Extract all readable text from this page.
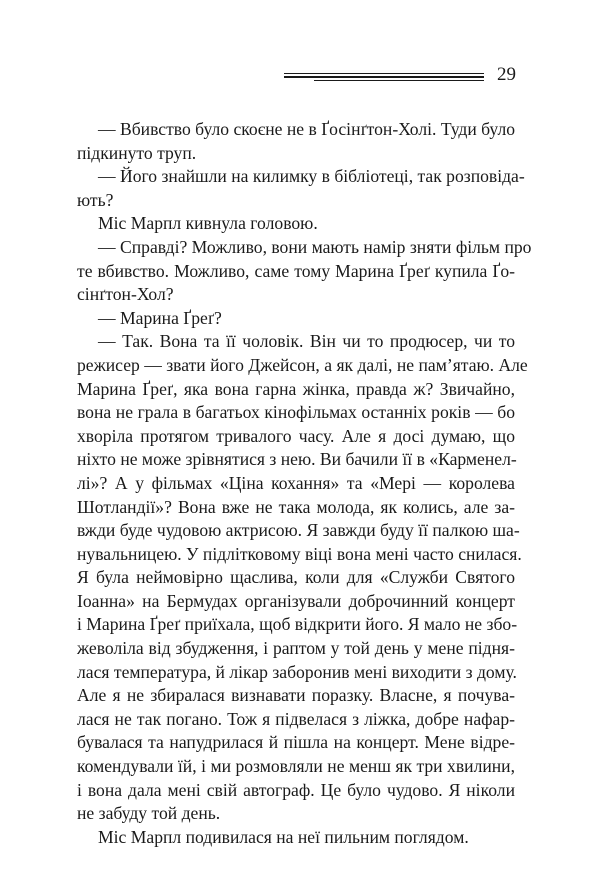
29
— Вбивство було скоєне не в Ґосінґтон-Холі. Туди було
підкинуто труп.
— Його знайшли на килимку в бібліотеці, так розповіда-
ють?
Міс Марпл кивнула головою.
— Справді? Можливо, вони мають намір зняти фільм про
те вбивство. Можливо, саме тому Марина Ґреґ купила Ґо-
сінґтон-Хол?
— Марина Ґреґ?
— Так. Вона та її чоловік. Він чи то продюсер, чи то
режисер — звати його Джейсон, а як далі, не пам’ятаю. Але
Марина Ґреґ, яка вона гарна жінка, правда ж? Звичайно,
вона не грала в багатьох кінофільмах останніх років — бо
хворіла протягом тривалого часу. Але я досі думаю, що
ніхто не може зрівнятися з нею. Ви бачили її в «Карменел-
лі»? А у фільмах «Ціна кохання» та «Мері — королева
Шотландії»? Вона вже не така молода, як колись, але за-
вжди буде чудовою актрисою. Я завжди буду її палкою ша-
нувальницею. У підлітковому віці вона мені часто снилася.
Я була неймовірно щаслива, коли для «Служби Святого
Іоанна» на Бермудах організували доброчинний концерт
і Марина Ґреґ приїхала, щоб відкрити його. Я мало не збо-
жеволіла від збудження, і раптом у той день у мене підня-
лася температура, й лікар заборонив мені виходити з дому.
Але я не збиралася визнавати поразку. Власне, я почува-
лася не так погано. Тож я підвелася з ліжка, добре нафар-
бувалася та напудрилася й пішла на концерт. Мене відре-
комендували їй, і ми розмовляли не менш як три хвилини,
і вона дала мені свій автограф. Це було чудово. Я ніколи
не забуду той день.
Міс Марпл подивилася на неї пильним поглядом.
